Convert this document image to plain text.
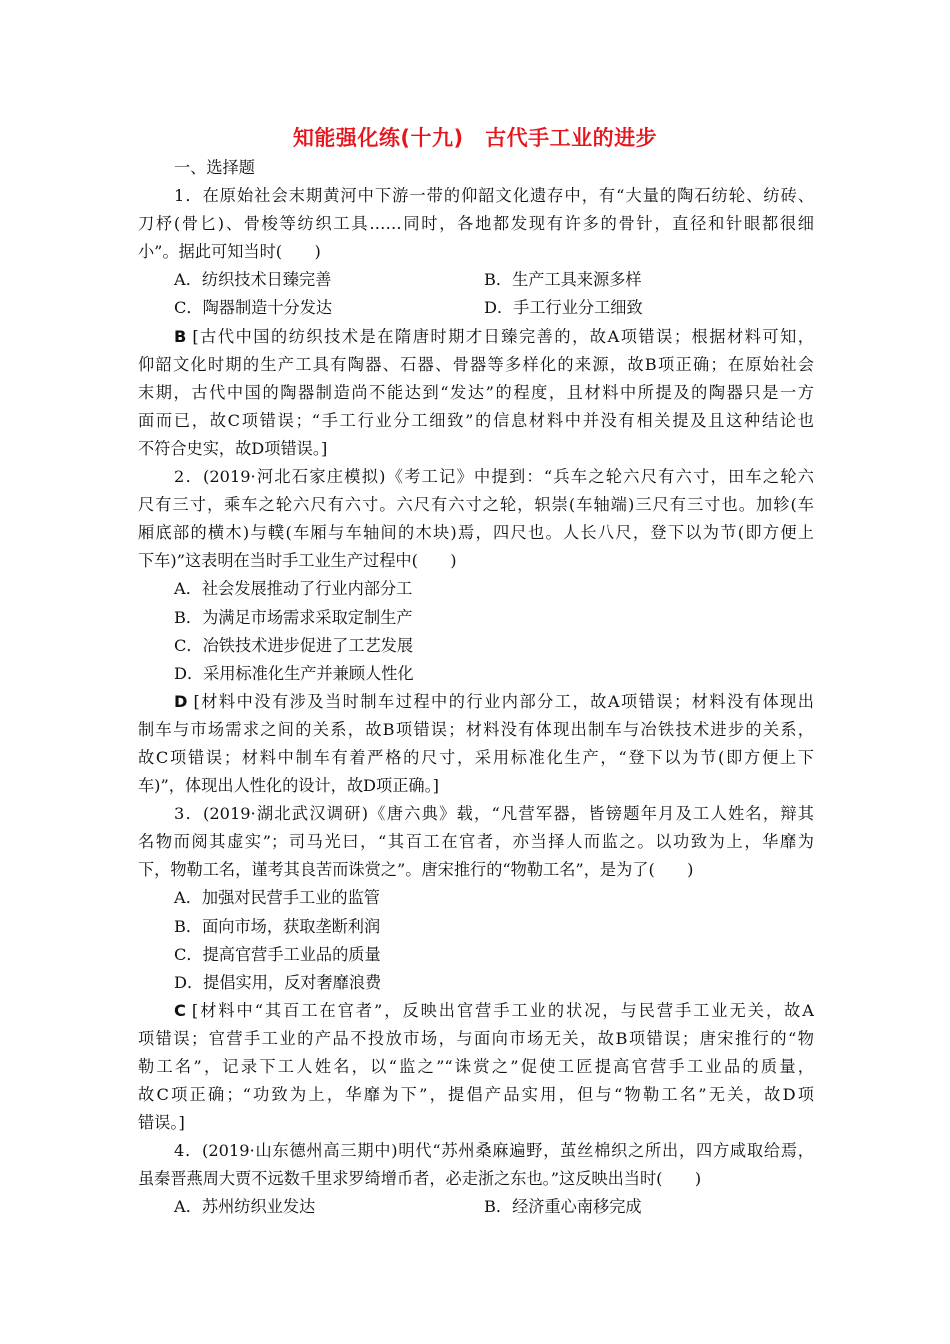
知能强化练(十九)　古代手工业的进步
一、选择题
1．在原始社会末期黄河中下游一带的仰韶文化遗存中，有“大量的陶石纺轮、纺砖、
刀杼(骨匕)、骨梭等纺织工具……同时，各地都发现有许多的骨针，直径和针眼都很细
小”。据此可知当时(　　)
A．纺织技术日臻完善	B．生产工具来源多样
C．陶器制造十分发达	D．手工行业分工细致
B [古代中国的纺织技术是在隋唐时期才日臻完善的，故A项错误；根据材料可知，
仰韶文化时期的生产工具有陶器、石器、骨器等多样化的来源，故B项正确；在原始社会
末期，古代中国的陶器制造尚不能达到“发达”的程度，且材料中所提及的陶器只是一方
面而已，故C项错误；“手工行业分工细致”的信息材料中并没有相关提及且这种结论也
不符合史实，故D项错误。]
2．(2019·河北石家庄模拟)《考工记》中提到：“兵车之轮六尺有六寸，田车之轮六
尺有三寸，乘车之轮六尺有六寸。六尺有六寸之轮，轵崇(车轴端)三尺有三寸也。加轸(车
厢底部的横木)与轐(车厢与车轴间的木块)焉，四尺也。人长八尺，登下以为节(即方便上
下车)”这表明在当时手工业生产过程中(　　)
A．社会发展推动了行业内部分工
B．为满足市场需求采取定制生产
C．冶铁技术进步促进了工艺发展
D．采用标准化生产并兼顾人性化
D [材料中没有涉及当时制车过程中的行业内部分工，故A项错误；材料没有体现出
制车与市场需求之间的关系，故B项错误；材料没有体现出制车与冶铁技术进步的关系，
故C项错误；材料中制车有着严格的尺寸，采用标准化生产，“登下以为节(即方便上下
车)”，体现出人性化的设计，故D项正确。]
3．(2019·湖北武汉调研)《唐六典》载，“凡营军器，皆镑题年月及工人姓名，辩其
名物而阅其虚实”；司马光曰，“其百工在官者，亦当择人而监之。以功致为上，华靡为
下，物勒工名，谨考其良苦而诛赏之”。唐宋推行的“物勒工名”，是为了(　　)
A．加强对民营手工业的监管
B．面向市场，获取垄断利润
C．提高官营手工业品的质量
D．提倡实用，反对奢靡浪费
C [材料中“其百工在官者”，反映出官营手工业的状况，与民营手工业无关，故A
项错误；官营手工业的产品不投放市场，与面向市场无关，故B项错误；唐宋推行的“物
勒工名”，记录下工人姓名，以“监之”“诛赏之”促使工匠提高官营手工业品的质量，
故C项正确；“功致为上，华靡为下”，提倡产品实用，但与“物勒工名”无关，故D项
错误。]
4．(2019·山东德州高三期中)明代“苏州桑麻遍野，茧丝棉织之所出，四方咸取给焉，
虽秦晋燕周大贾不远数千里求罗绮增币者，必走浙之东也。”这反映出当时(　　)
A．苏州纺织业发达	B．经济重心南移完成
